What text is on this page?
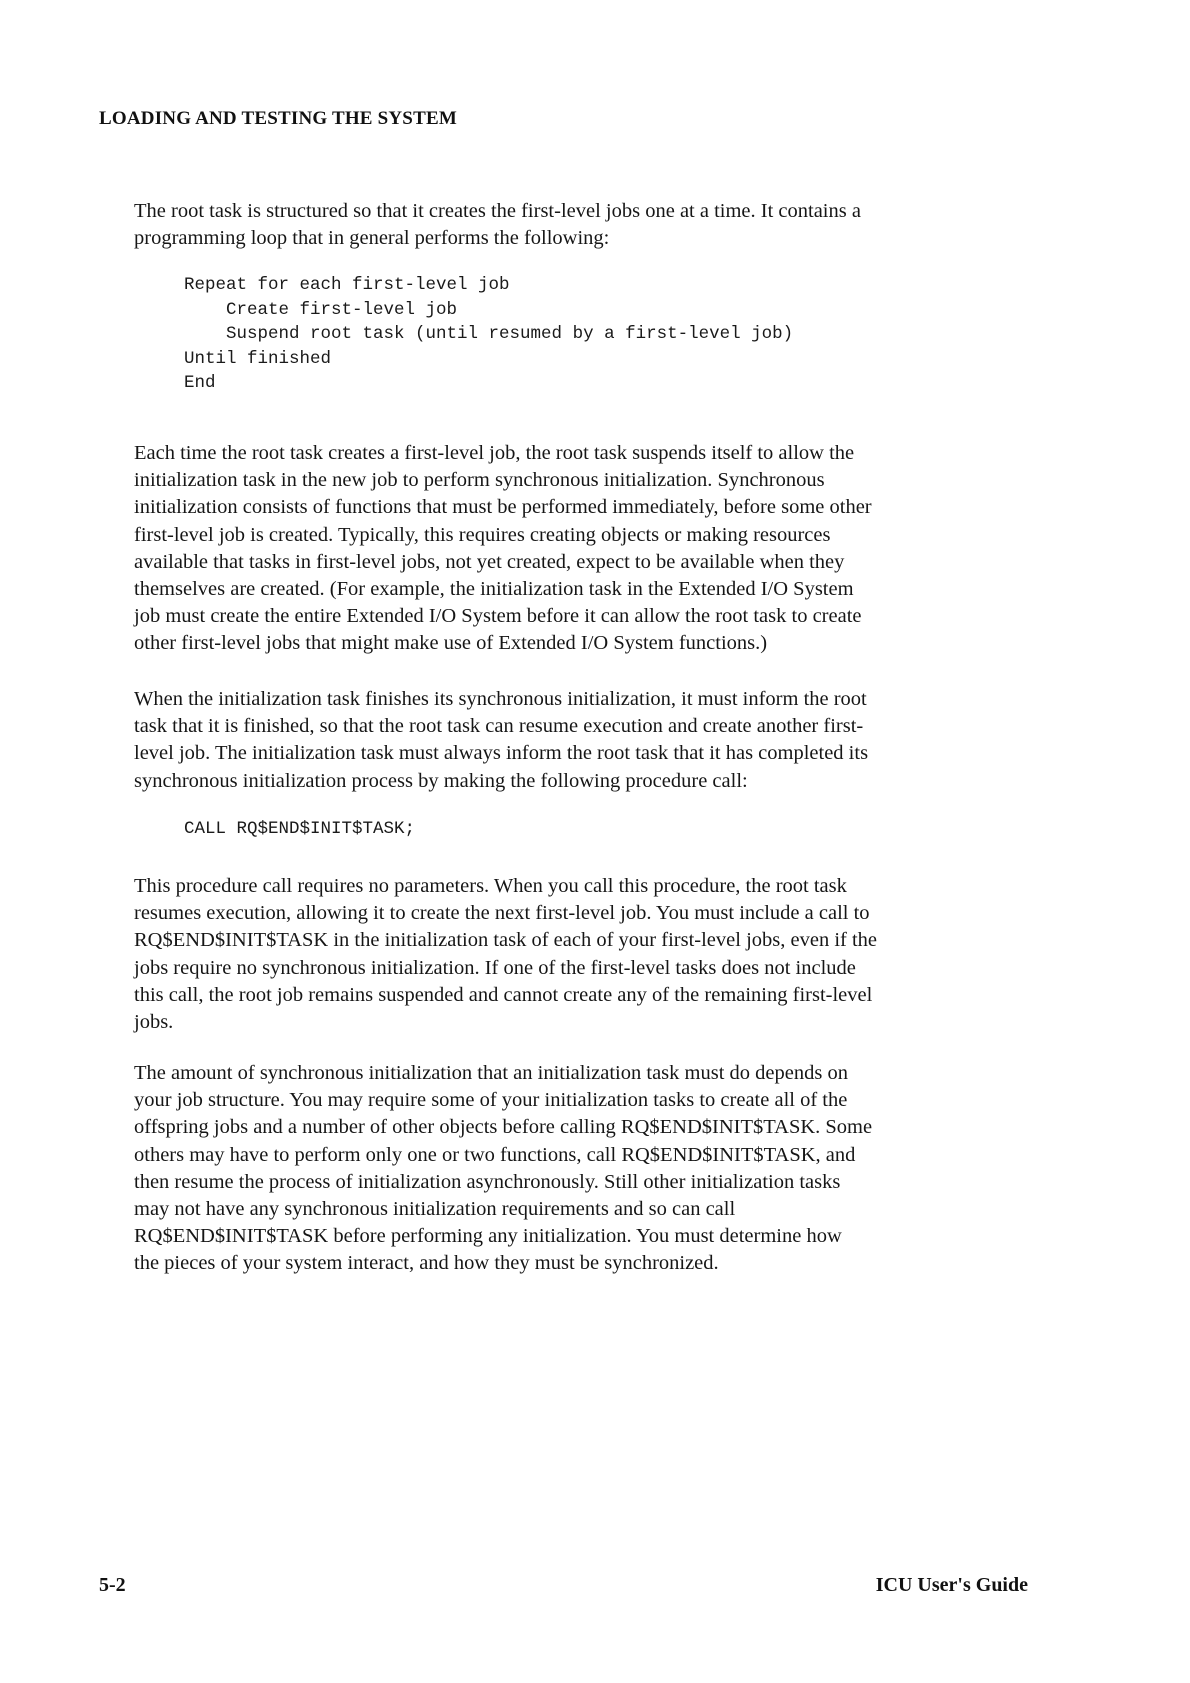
LOADING AND TESTING THE SYSTEM
The root task is structured so that it creates the first-level jobs one at a time. It contains a
programming loop that in general performs the following:
Repeat for each first-level job
Create first-level job
Suspend root task (until resumed by a first-level job)
Until finished
End
Each time the root task creates a first-level job, the root task suspends itself to allow the
initialization task in the new job to perform synchronous initialization. Synchronous
initialization consists of functions that must be performed immediately, before some other
first-level job is created. Typically, this requires creating objects or making resources
available that tasks in first-level jobs, not yet created, expect to be available when they
themselves are created. (For example, the initialization task in the Extended I/O System
job must create the entire Extended I/O System before it can allow the root task to create
other first-level jobs that might make use of Extended I/O System functions.)
When the initialization task finishes its synchronous initialization, it must inform the root
task that it is finished, so that the root task can resume execution and create another first-
level job. The initialization task must always inform the root task that it has completed its
synchronous initialization process by making the following procedure call:
CALL RQ$END$INIT$TASK;
This procedure call requires no parameters. When you call this procedure, the root task
resumes execution, allowing it to create the next first-level job. You must include a call to
RQ$END$INIT$TASK in the initialization task of each of your first-level jobs, even if the
jobs require no synchronous initialization. If one of the first-level tasks does not include
this call, the root job remains suspended and cannot create any of the remaining first-level
jobs.
The amount of synchronous initialization that an initialization task must do depends on
your job structure. You may require some of your initialization tasks to create all of the
offspring jobs and a number of other objects before calling RQ$END$INIT$TASK. Some
others may have to perform only one or two functions, call RQ$END$INIT$TASK, and
then resume the process of initialization asynchronously. Still other initialization tasks
may not have any synchronous initialization requirements and so can call
RQ$END$INIT$TASK before performing any initialization. You must determine how
the pieces of your system interact, and how they must be synchronized.
5-2	ICU User's Guide
